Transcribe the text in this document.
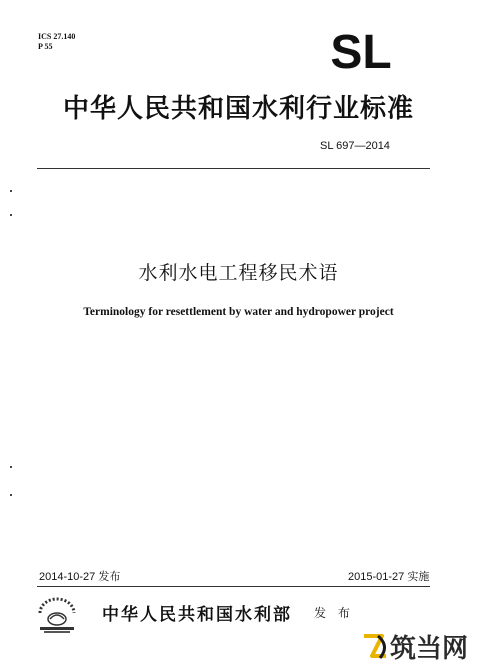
ICS 27.140
P 55	SL
中华人民共和国水利行业标准
SL 697—2014
水利水电工程移民术语
Terminology for resettlement by water and hydropower project
2014-10-27 发布	2015-01-27 实施
中华人民共和国水利部 发 布
筑当网
